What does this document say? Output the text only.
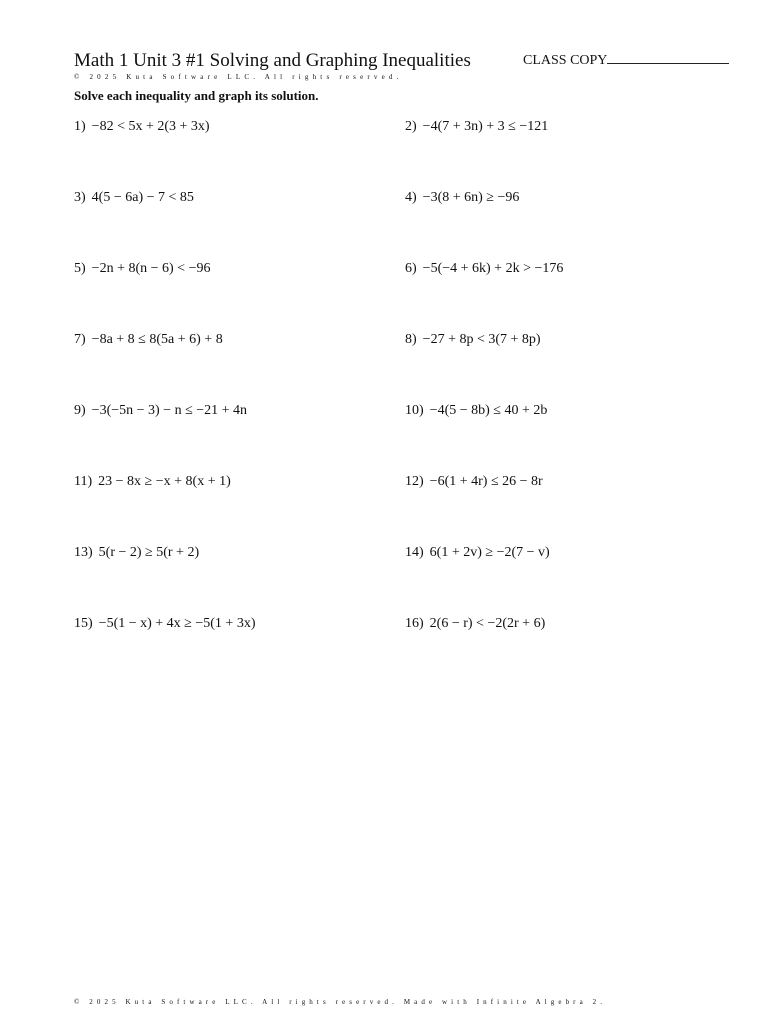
Math 1 Unit 3 #1 Solving and Graphing Inequalities	CLASS COPY
© 2025 Kuta Software LLC. All rights reserved.
Solve each inequality and graph its solution.
1) −82 < 5x + 2(3 + 3x)	2) −4(7 + 3n) + 3 ≤ −121
3) 4(5 − 6a) − 7 < 85	4) −3(8 + 6n) ≥ −96
5) −2n + 8(n − 6) < −96	6) −5(−4 + 6k) + 2k > −176
7) −8a + 8 ≤ 8(5a + 6) + 8	8) −27 + 8p < 3(7 + 8p)
9) −3(−5n − 3) − n ≤ −21 + 4n	10) −4(5 − 8b) ≤ 40 + 2b
11) 23 − 8x ≥ −x + 8(x + 1)	12) −6(1 + 4r) ≤ 26 − 8r
13) 5(r − 2) ≥ 5(r + 2)	14) 6(1 + 2v) ≥ −2(7 − v)
15) −5(1 − x) + 4x ≥ −5(1 + 3x)	16) 2(6 − r) < −2(2r + 6)
© 2025 Kuta Software LLC. All rights reserved. Made with Infinite Algebra 2.
